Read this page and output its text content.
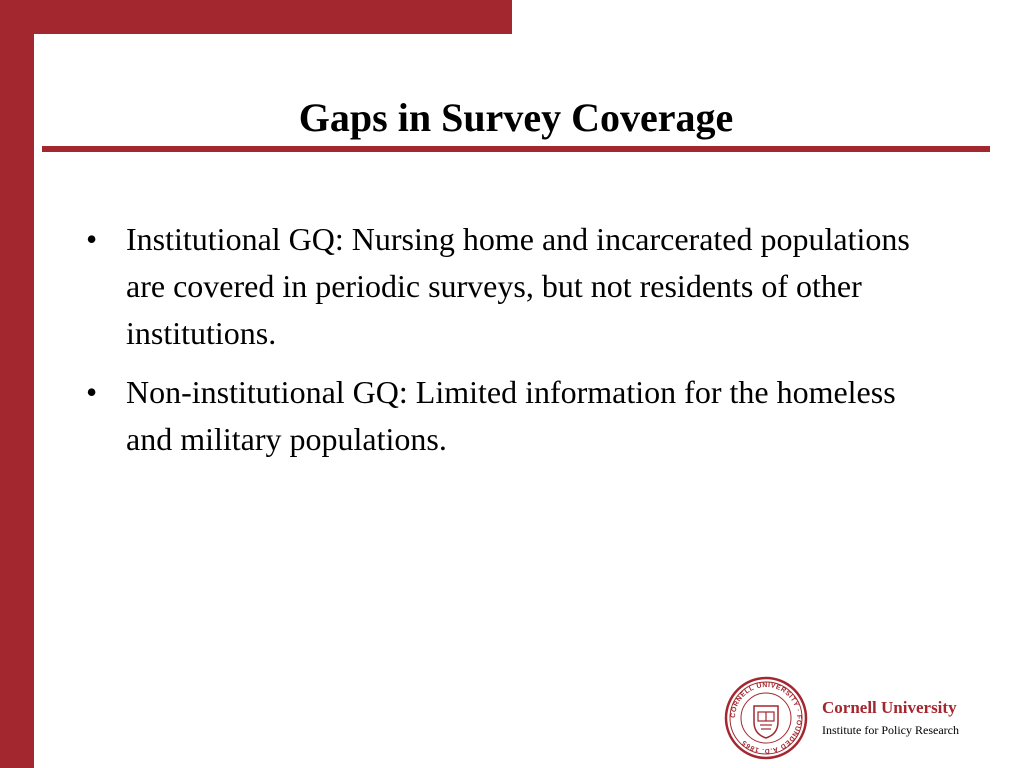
Gaps in Survey Coverage
• Institutional GQ: Nursing home and incarcerated populations are covered in periodic surveys, but not residents of other institutions.
• Non-institutional GQ: Limited information for the homeless and military populations.
CORNELL UNIVERSITY · FOUNDED A.D. 1865
Cornell University
Institute for Policy Research
